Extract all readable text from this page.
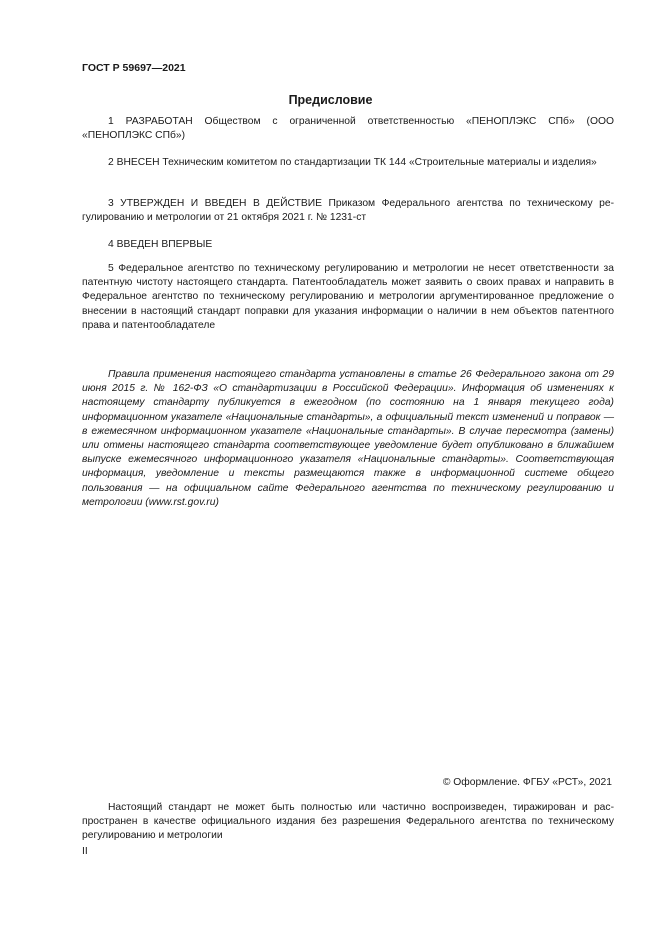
ГОСТ Р 59697—2021
Предисловие

1 РАЗРАБОТАН Обществом с ограниченной ответственностью «ПЕНОПЛЭКС СПб» (ООО «ПЕНОПЛЭКС СПб»)

2 ВНЕСЕН Техническим комитетом по стандартизации ТК 144 «Строительные материалы и изделия»

3 УТВЕРЖДЕН И ВВЕДЕН В ДЕЙСТВИЕ Приказом Федерального агентства по техническому регулированию и метрологии от 21 октября 2021 г. № 1231-ст

4 ВВЕДЕН ВПЕРВЫЕ

5 Федеральное агентство по техническому регулированию и метрологии не несет ответственности за патентную чистоту настоящего стандарта. Патентообладатель может заявить о своих правах и направить в Федеральное агентство по техническому регулированию и метрологии аргументированное предложение о внесении в настоящий стандарт поправки для указания информации о наличии в нем объектов патентного права и патентообладателе

Правила применения настоящего стандарта установлены в статье 26 Федерального закона от 29 июня 2015 г. № 162-ФЗ «О стандартизации в Российской Федерации». Информация об изменениях к настоящему стандарту публикуется в ежегодном (по состоянию на 1 января текущего года) информационном указателе «Национальные стандарты», а официальный текст изменений и поправок — в ежемесячном информационном указателе «Национальные стандарты». В случае пересмотра (замены) или отмены настоящего стандарта соответствующее уведомление будет опубликовано в ближайшем выпуске ежемесячного информационного указателя «Национальные стандарты». Соответствующая информация, уведомление и тексты размещаются также в информационной системе общего пользования — на официальном сайте Федерального агентства по техническому регулированию и метрологии (www.rst.gov.ru)

© Оформление. ФГБУ «РСТ», 2021

Настоящий стандарт не может быть полностью или частично воспроизведен, тиражирован и распространен в качестве официального издания без разрешения Федерального агентства по техническому регулированию и метрологии

II
